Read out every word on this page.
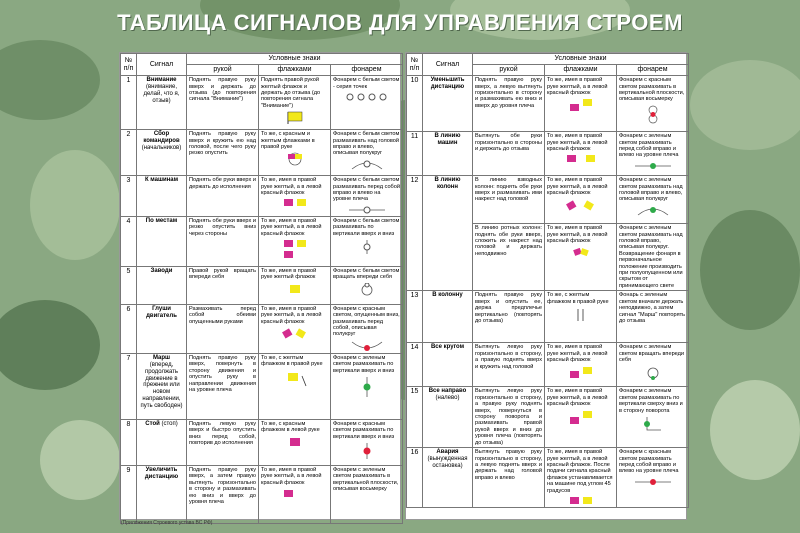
ТАБЛИЦА СИГНАЛОВ ДЛЯ УПРАВЛЕНИЯ СТРОЕМ
№ п/п	Сигнал	Условные знаки		
		рукой	флажками	фонарем
1	Внимание
(внимание, делай, что я, отзыв)	Поднять правую руку вверх и держать до отзыва (до повторения сигнала "Внимание")	Поднять правой рукой желтый флажок и держать до отзыва (до повторения сигнала "Внимание")	Фонарем с белым светом - серия точек

2	Сбор командиров
(начальников)	Поднять правую руку вверх и кружить ею над головой, после чего руку резко опустить	То же, с красным и желтым флажками в правой руке	Фонарем с белым светом размахивать над головой вправо и влево, описывая полукруг

3	К машинам	Поднять обе руки вверх и держать до исполнения	То же, имея в правой руке желтый, а в левой красный флажок	Фонарем с белым светом размахивать перед собой вправо и влево на уровне плеча

4	По местам	Поднять обе руки вверх и резко опустить вниз через стороны	То же, имея в правой руке желтый, а в левой красный флажок	Фонарем с белым светом размахивать по вертикали вверх и вниз

5	Заводи	Правой рукой вращать впереди себя	То же, имея в правой руке желтый флажок	Фонарем с белым светом вращать впереди себя

6	Глуши двигатель	Размахивать перед собой обеими опущенными руками	То же, имея в правой руке желтый, а в левой красный флажок	Фонарем с красным светом, опущенным вниз, размахивать перед собой, описывая полукруг

7	Марш
(вперед, продолжать движение в прежнем или новом направлении, путь свободен)	Поднять правую руку вверх, повернуть в сторону движения и опустить руку в направлении движения на уровне плеча	То же, с желтым флажком в правой руке	Фонарем с зеленым светом размахивать по вертикали вверх и вниз

8	Стой (стоп)	Поднять левую руку вверх и быстро опустить вниз перед собой, повторив до исполнения	То же, с красным флажком в левой руке	Фонарем с красным светом размахивать по вертикали вверх и вниз

9	Увеличить дистанцию	Поднять правую руку вверх, а затем правую вытянуть горизонтально в сторону и размахивать ею вниз и вверх до уровня плеча	То же, имея в правой руке желтый, а в левой красный флажок	Фонарем с зеленым светом размахивать в вертикальной плоскости, описывая восьмерку
№ п/п	Сигнал	Условные знаки		
		рукой	флажками	фонарем
10	Уменьшить дистанцию	Поднять правую руку вверх, а левую вытянуть горизонтально в сторону и размахивать ею вниз и вверх до уровня плеча	То же, имея в правой руке желтый, а в левой красный флажок	Фонарем с красным светом размахивать в вертикальной плоскости, описывая восьмерку

11	В линию машин	Вытянуть обе руки горизонтально в стороны и держать до отзыва	То же, имея в правой руке желтый, а в левой красный флажок	Фонарем с зеленым светом размахивать перед собой вправо и влево на уровне плеча

12	В линию колонн	В линию взводных колонн: поднять обе руки вверх и размахивать ими накрест над головой	То же, имея в правой руке желтый, а в левой красный флажок	Фонарем с зеленым светом размахивать над головой вправо и влево, описывая полукруг

		В линию ротных колонн: поднять обе руки вверх, сложить их накрест над головой и держать неподвижно	То же, имея в правой руке желтый, а в левой красный флажок	Фонарем с зеленым светом размахивать над головой вправо, описывая полукруг. Возвращение фонаря в первоначальное положение производить при полуопущенном или скрытом от принимающего свете

13	В колонну	Поднять правую руку вверх и опустить ее, держа предплечье вертикально (повторять до отзыва)	То же, с желтым флажком в правой руке	Фонарь с зеленым светом вначале держать неподвижно, а затем сигнал "Марш" повторять до отзыва

14	Все кругом	Вытянуть левую руку горизонтально в сторону, а правую поднять вверх и кружить над головой	То же, имея в правой руке желтый, а в левой красный флажок	Фонарем с зеленым светом вращать впереди себя

15	Все направо
(налево)	Вытянуть левую руку горизонтально в сторону, а правую руку поднять вверх, повернуться в сторону поворота и размахивать правой рукой вверх и вниз до уровня плеча (повторять до отзыва)	То же, имея в правой руке желтый, а в левой красный флажок	Фонарем с зеленым светом размахивать по вертикали сверху вниз и в сторону поворота

16	Авария
(вынужденная остановка)	Вытянуть правую руку горизонтально в сторону, а левую поднять вверх и держать над головой вправо и влево	То же, имея в правой руке желтый, а в левой красный флажок. После подачи сигнала красный флажок устанавливается на машине под углом 45 градусов	Фонарем с красным светом размахивать перед собой вправо и влево на уровне плеча
(Приложения Строевого устава ВС РФ)
